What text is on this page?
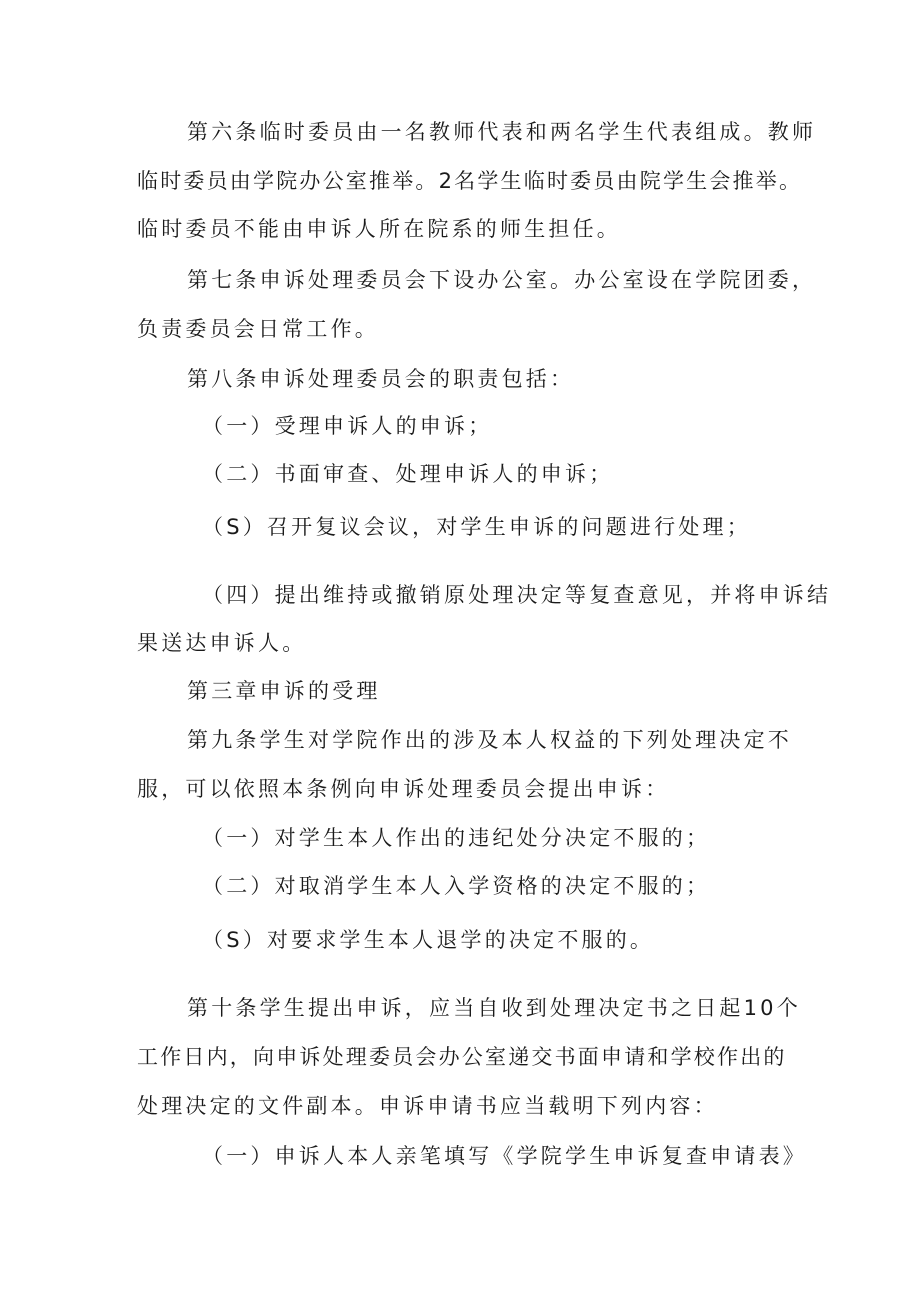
第六条临时委员由一名教师代表和两名学生代表组成。教师

临时委员由学院办公室推举。2名学生临时委员由院学生会推举。

临时委员不能由申诉人所在院系的师生担任。

第七条申诉处理委员会下设办公室。办公室设在学院团委，

负责委员会日常工作。

第八条申诉处理委员会的职责包括：

（一）受理申诉人的申诉；

（二）书面审查、处理申诉人的申诉；

（S）召开复议会议，对学生申诉的问题进行处理；

（四）提出维持或撤销原处理决定等复查意见，并将申诉结

果送达申诉人。

第三章申诉的受理

第九条学生对学院作出的涉及本人权益的下列处理决定不

服，可以依照本条例向申诉处理委员会提出申诉：

（一）对学生本人作出的违纪处分决定不服的；

（二）对取消学生本人入学资格的决定不服的；

（S）对要求学生本人退学的决定不服的。

第十条学生提出申诉，应当自收到处理决定书之日起10个

工作日内，向申诉处理委员会办公室递交书面申请和学校作出的

处理决定的文件副本。申诉申请书应当载明下列内容：

（一）申诉人本人亲笔填写《学院学生申诉复查申请表》
